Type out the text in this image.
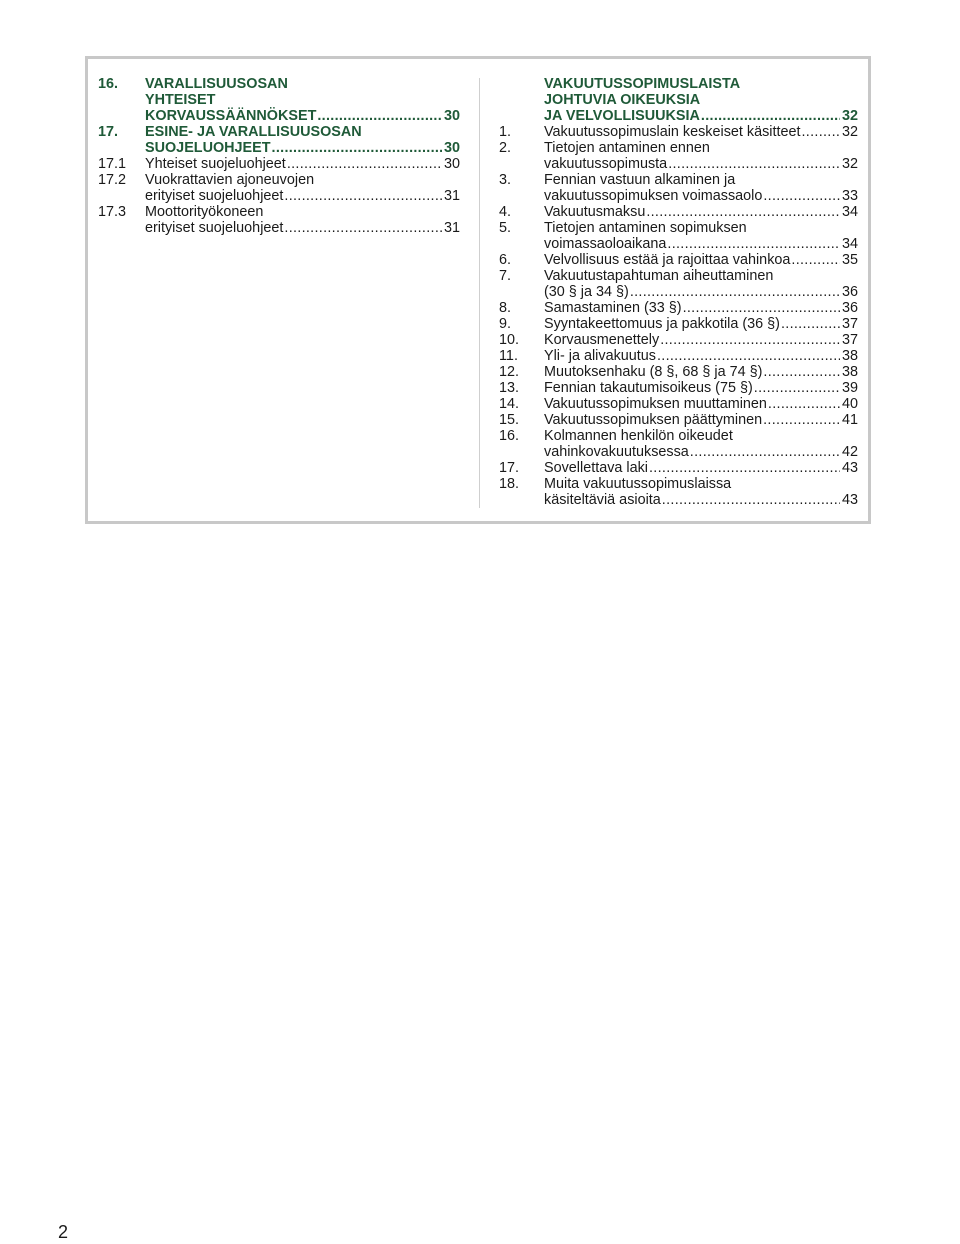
16.	VARALLISUUSOSAN
YHTEISET
KORVAUSSÄÄNNÖKSET .....	30
17.	ESINE- JA VARALLISUUSOSAN
SUOJELUOHJEET .....	30
17.1	Yhteiset suojeluohjeet .....	30
17.2	Vuokrattavien ajoneuvojen
erityiset suojeluohjeet .....	31
17.3	Moottorityökoneen
erityiset suojeluohjeet .....	31
VAKUUTUSSOPIMUSLAISTA
JOHTUVIA OIKEUKSIA
JA VELVOLLISUUKSIA .....	32
1.	Vakuutussopimuslain keskeiset käsitteet .....	32
2.	Tietojen antaminen ennen
vakuutussopimusta .....	32
3.	Fennian vastuun alkaminen ja
vakuutussopimuksen voimassaolo .....	33
4.	Vakuutusmaksu .....	34
5.	Tietojen antaminen sopimuksen
voimassaoloaikana .....	34
6.	Velvollisuus estää ja rajoittaa vahinkoa .....	35
7.	Vakuutustapahtuman aiheuttaminen
(30 § ja 34 §) .....	36
8.	Samastaminen (33 §) .....	36
9.	Syyntakeettomuus ja pakkotila (36 §) .....	37
10.	Korvausmenettely .....	37
11.	Yli- ja alivakuutus .....	38
12.	Muutoksenhaku (8 §, 68 § ja 74 §) .....	38
13.	Fennian takautumisoikeus (75 §) .....	39
14.	Vakuutussopimuksen muuttaminen .....	40
15.	Vakuutussopimuksen päättyminen .....	41
16.	Kolmannen henkilön oikeudet
vahinkovakuutuksessa .....	42
17.	Sovellettava laki .....	43
18.	Muita vakuutussopimuslaissa
käsiteltäviä asioita .....	43
2
